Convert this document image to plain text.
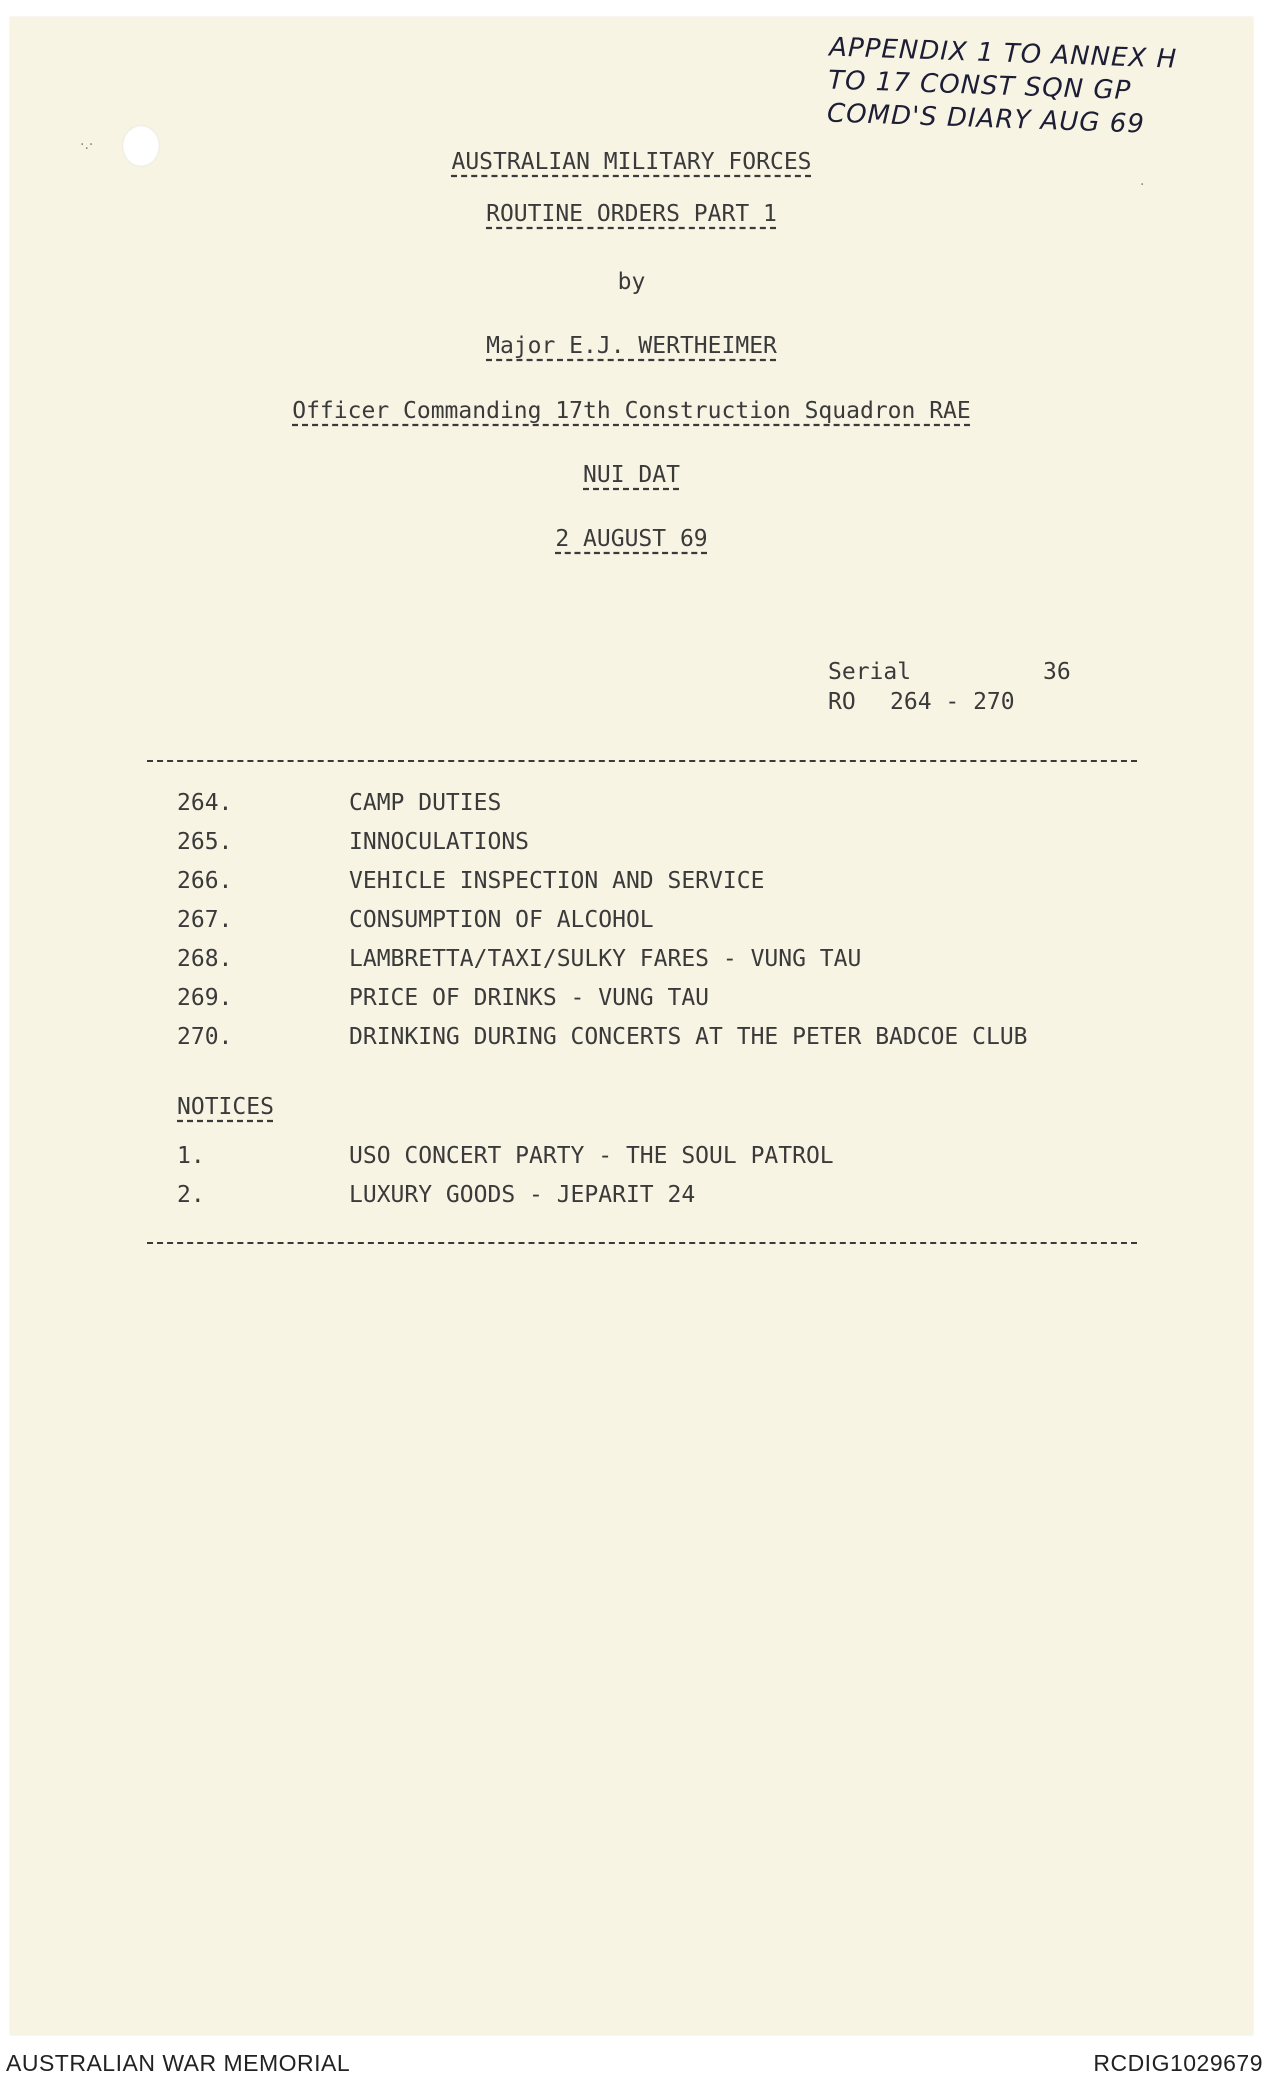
·.·
·
APPENDIX 1 TO ANNEX H
TO 17 CONST SQN GP
COMD'S DIARY AUG 69
AUSTRALIAN MILITARY FORCES
ROUTINE ORDERS PART 1
by
Major E.J. WERTHEIMER
Officer Commanding 17th Construction Squadron RAE
NUI DAT
2 AUGUST 69
Serial	36
RO	264 - 270
264.	CAMP DUTIES
265.	INNOCULATIONS
266.	VEHICLE INSPECTION AND SERVICE
267.	CONSUMPTION OF ALCOHOL
268.	LAMBRETTA/TAXI/SULKY FARES - VUNG TAU
269.	PRICE OF DRINKS - VUNG TAU
270.	DRINKING DURING CONCERTS AT THE PETER BADCOE CLUB
NOTICES
1.	USO CONCERT PARTY - THE SOUL PATROL
2.	LUXURY GOODS - JEPARIT 24
AUSTRALIAN WAR MEMORIAL	RCDIG1029679
